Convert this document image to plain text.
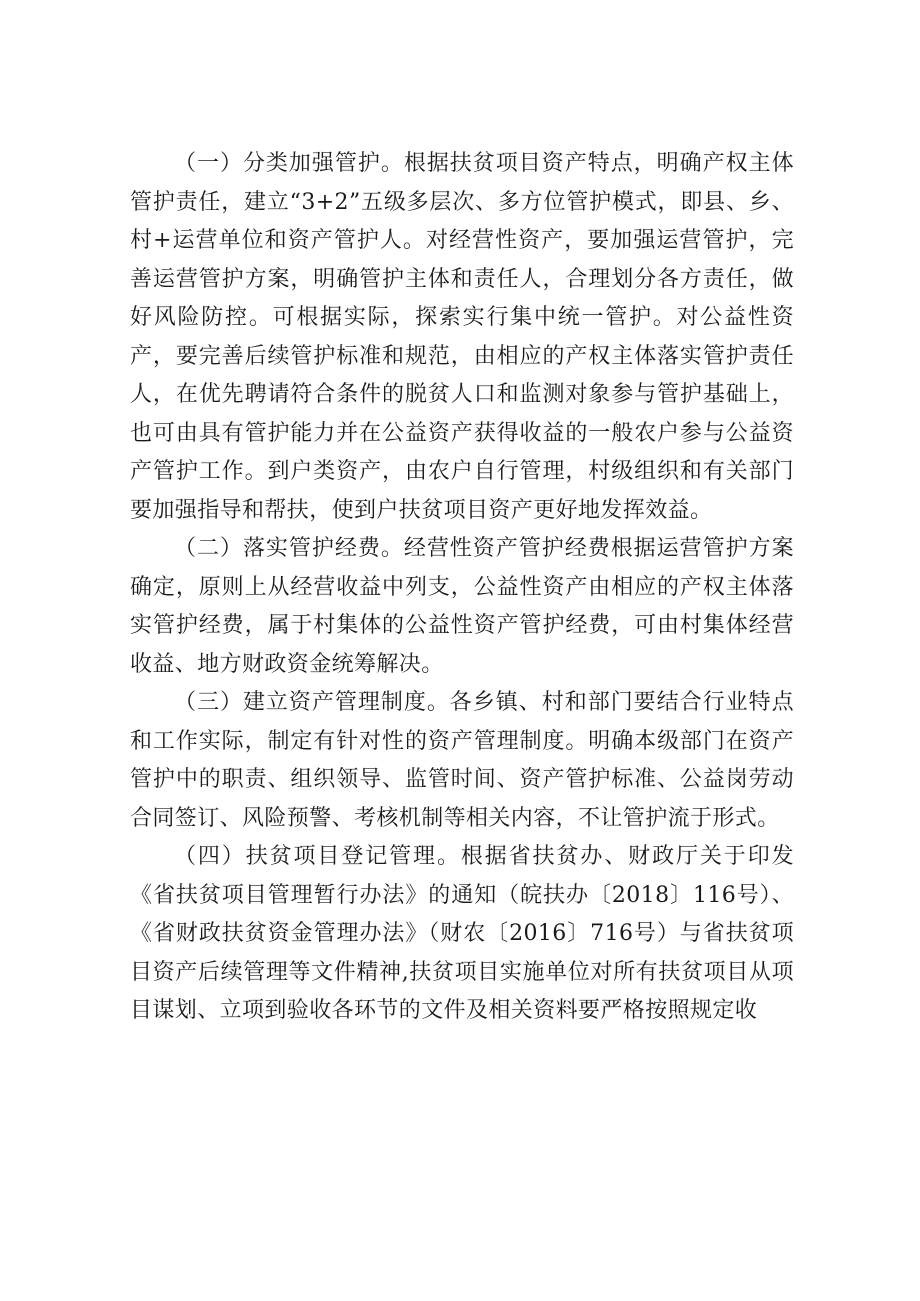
（一）分类加强管护。根据扶贫项目资产特点，明确产权主体管护责任，建立“3+2”五级多层次、多方位管护模式，即县、乡、村+运营单位和资产管护人。对经营性资产，要加强运营管护，完善运营管护方案，明确管护主体和责任人，合理划分各方责任，做好风险防控。可根据实际，探索实行集中统一管护。对公益性资产，要完善后续管护标准和规范，由相应的产权主体落实管护责任人，在优先聘请符合条件的脱贫人口和监测对象参与管护基础上，也可由具有管护能力并在公益资产获得收益的一般农户参与公益资产管护工作。到户类资产，由农户自行管理，村级组织和有关部门要加强指导和帮扶，使到户扶贫项目资产更好地发挥效益。

（二）落实管护经费。经营性资产管护经费根据运营管护方案确定，原则上从经营收益中列支，公益性资产由相应的产权主体落实管护经费，属于村集体的公益性资产管护经费，可由村集体经营收益、地方财政资金统筹解决。

（三）建立资产管理制度。各乡镇、村和部门要结合行业特点和工作实际，制定有针对性的资产管理制度。明确本级部门在资产管护中的职责、组织领导、监管时间、资产管护标准、公益岗劳动合同签订、风险预警、考核机制等相关内容，不让管护流于形式。

（四）扶贫项目登记管理。根据省扶贫办、财政厅关于印发《省扶贫项目管理暂行办法》的通知（皖扶办〔2018〕116号）、《省财政扶贫资金管理办法》（财农〔2016〕716号）与省扶贫项目资产后续管理等文件精神,扶贫项目实施单位对所有扶贫项目从项目谋划、立项到验收各环节的文件及相关资料要严格按照规定收
